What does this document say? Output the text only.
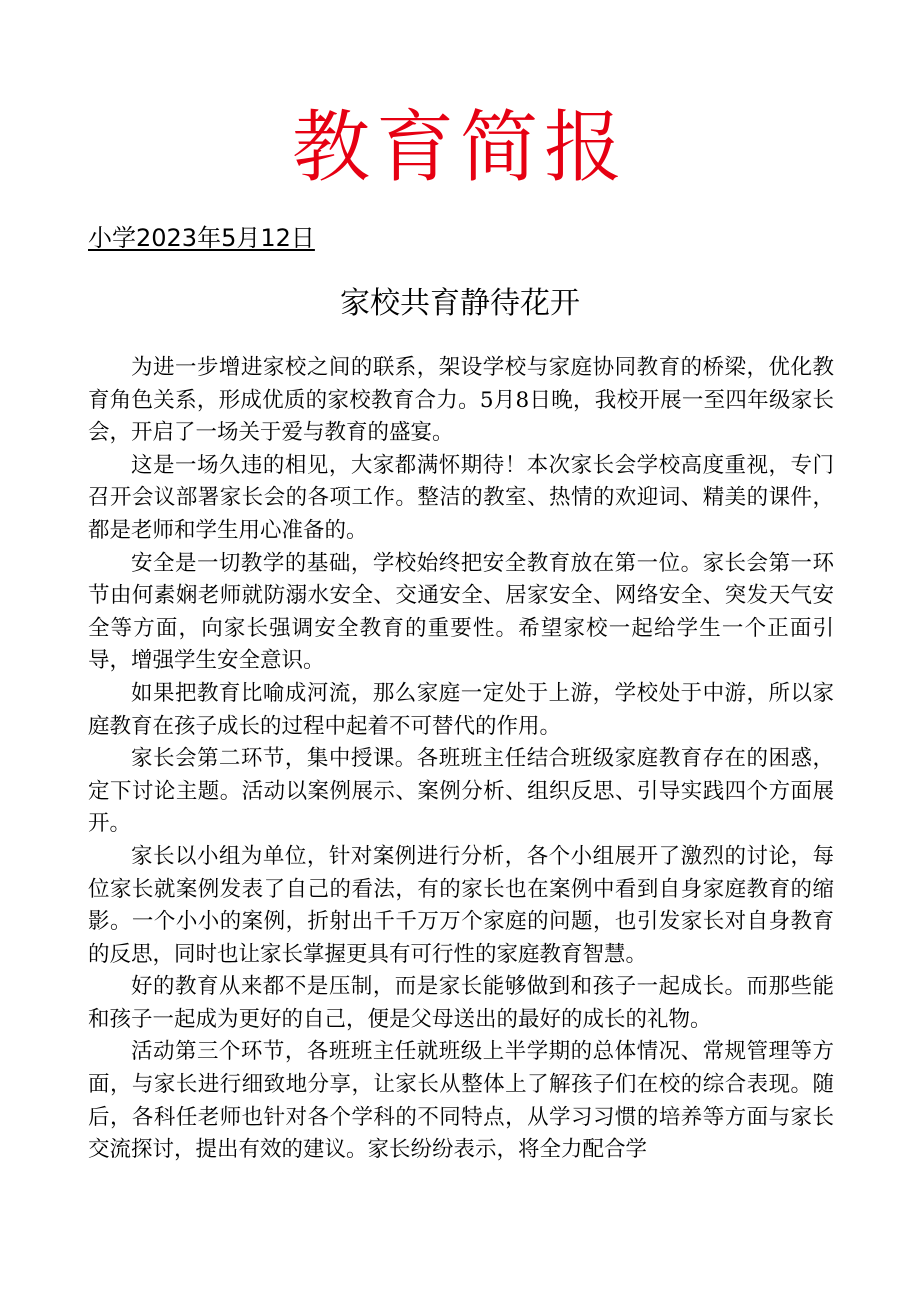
教育简报
小学2023年5月12日
家校共育静待花开

为进一步增进家校之间的联系，架设学校与家庭协同教育的桥梁，优化教育角色关系，形成优质的家校教育合力。5月8日晚，我校开展一至四年级家长会，开启了一场关于爱与教育的盛宴。

这是一场久违的相见，大家都满怀期待！本次家长会学校高度重视，专门召开会议部署家长会的各项工作。整洁的教室、热情的欢迎词、精美的课件，都是老师和学生用心准备的。

安全是一切教学的基础，学校始终把安全教育放在第一位。家长会第一环节由何素娴老师就防溺水安全、交通安全、居家安全、网络安全、突发天气安全等方面，向家长强调安全教育的重要性。希望家校一起给学生一个正面引导，增强学生安全意识。

如果把教育比喻成河流，那么家庭一定处于上游，学校处于中游，所以家庭教育在孩子成长的过程中起着不可替代的作用。

家长会第二环节，集中授课。各班班主任结合班级家庭教育存在的困惑，定下讨论主题。活动以案例展示、案例分析、组织反思、引导实践四个方面展开。

家长以小组为单位，针对案例进行分析，各个小组展开了激烈的讨论，每位家长就案例发表了自己的看法，有的家长也在案例中看到自身家庭教育的缩影。一个小小的案例，折射出千千万万个家庭的问题，也引发家长对自身教育的反思，同时也让家长掌握更具有可行性的家庭教育智慧。

好的教育从来都不是压制，而是家长能够做到和孩子一起成长。而那些能和孩子一起成为更好的自己，便是父母送出的最好的成长的礼物。

活动第三个环节，各班班主任就班级上半学期的总体情况、常规管理等方面，与家长进行细致地分享，让家长从整体上了解孩子们在校的综合表现。随后，各科任老师也针对各个学科的不同特点，从学习习惯的培养等方面与家长交流探讨，提出有效的建议。家长纷纷表示，将全力配合学
